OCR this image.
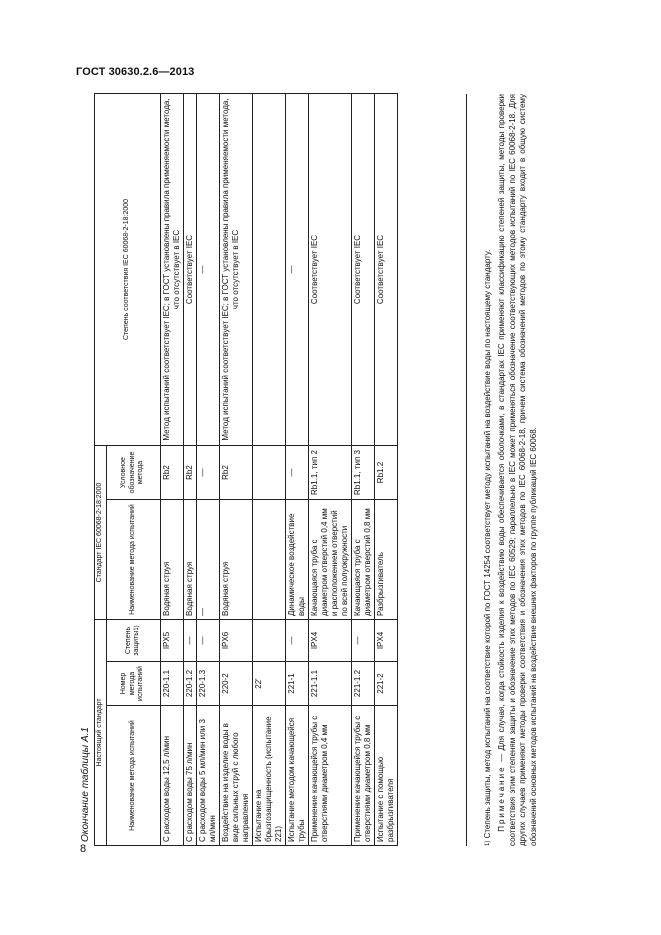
ГОСТ 30630.2.6—2013
8
Окончание таблицы А.1 Настоящий стандарт			Стандарт IEC 60068-2-18:2000		Степень соответствия IEC 60068-2-18:2000
Наименование метода испытаний	Номер метода испытаний	Степень защиты1)	Наименование метода испытаний	Условное обозначение метода	
С расходом воды 12,5 л/мин	220-1.1	IPX5	Водяная струя	Rb2	Метод испытаний соответствует IEC; в ГОСТ установлены правила применяемости метода, что отсутствует в IEC
С расходом воды 75 л/мин	220-1.2	—	Водяная струя	Rb2	Соответствует IEC
С расходом воды 5 мл/мин или 3 мл/мин	220-1.3	—	—	—	—
Воздействие на изделие воды в виде сильных струй с любого направления	220-2	IPX6	Водяная струя	Rb2	Метод испытаний соответствует IEC; в ГОСТ установлены правила применяемости метода, что отсутствует в IEC
Испытание на брызгозащищенность (испытание 221)	22'				
Испытание методом качающейся трубы	221-1	—	Динамическое воздействие воды	—	—
Применение качающейся трубы с отверстиями диаметром 0,4 мм	221-1.1	IPX4	Качающаяся труба с диаметром отверстий 0,4 мм и расположением отверстий по всей полуокружности	Rb1.1, тип 2	Соответствует IEC
Применение качающейся трубы с отверстиями диаметром 0,8 мм	221-1.2	—	Качающаяся труба с диаметром отверстий 0,8 мм	Rb1.1, тип 3	Соответствует IEC
Испытание с помощью разбрызгивателя	221-2	IPX4	Разбрызгиватель	Rb1.2	Соответствует IEC

$^{1)}$ Степень защиты, метод испытаний на соответствие которой по ГОСТ 14254 соответствует методу испытаний на воздействие воды по настоящему стандарту. Примечание — Для случая, когда стойкость изделия к воздействию воды обеспечивается оболочками, в стандартах IEC применяют классификацию степеней защиты, методы проверки соответствия этим степеням защиты и обозначение этих методов по IEC 60529; параллельно в IEC может применяться обозначение соответствующих методов испытаний по IEC 60068-2-18. Для других случаев применяют методы проверки соответствия и обозначения этих методов по IEC 60068-2-18, причем система обозначений методов по этому стандарту входит в общую систему обозначений основных методов испытаний на воздействие внешних факторов по группе публикаций IEC 60068.
